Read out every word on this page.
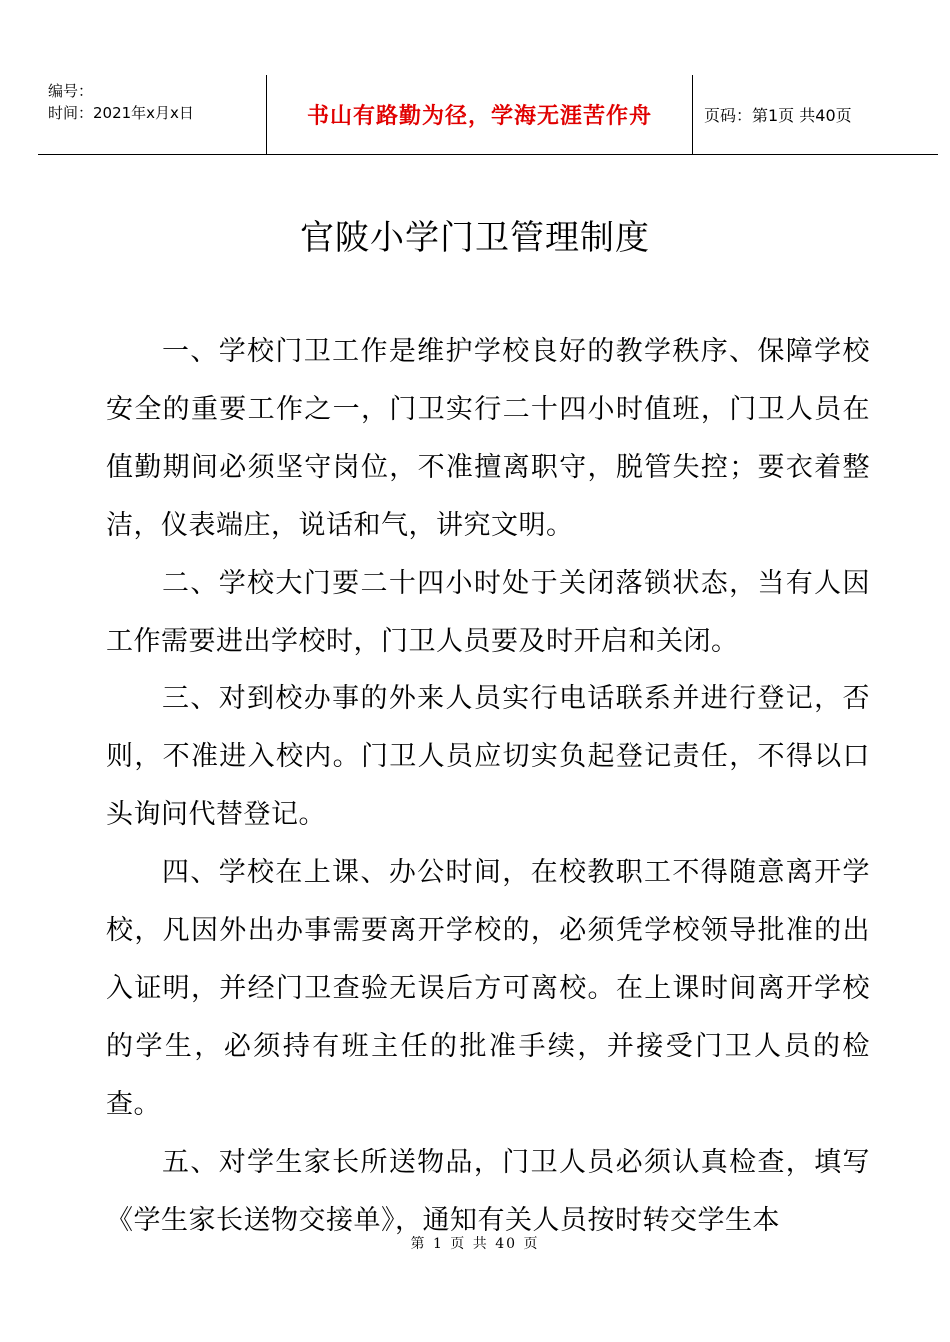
编号：
时间：2021年x月x日	书山有路勤为径，学海无涯苦作舟	页码：第1页 共40页
官陂小学门卫管理制度

一、学校门卫工作是维护学校良好的教学秩序、保障学校安全的重要工作之一，门卫实行二十四小时值班，门卫人员在值勤期间必须坚守岗位，不准擅离职守，脱管失控；要衣着整洁，仪表端庄，说话和气，讲究文明。

二、学校大门要二十四小时处于关闭落锁状态，当有人因工作需要进出学校时，门卫人员要及时开启和关闭。

三、对到校办事的外来人员实行电话联系并进行登记，否则，不准进入校内。门卫人员应切实负起登记责任，不得以口头询问代替登记。

四、学校在上课、办公时间，在校教职工不得随意离开学校，凡因外出办事需要离开学校的，必须凭学校领导批准的出入证明，并经门卫查验无误后方可离校。在上课时间离开学校的学生，必须持有班主任的批准手续，并接受门卫人员的检查。

五、对学生家长所送物品，门卫人员必须认真检查，填写《学生家长送物交接单》，通知有关人员按时转交学生本

第 1 页 共 40 页
